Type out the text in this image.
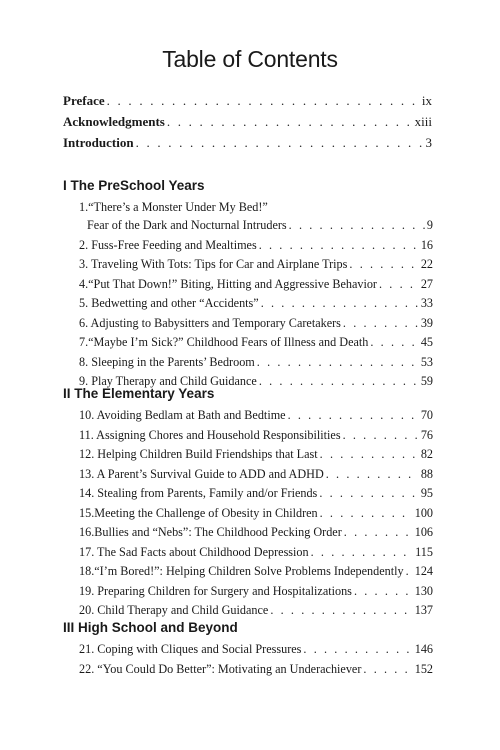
Table of Contents
Preface . . .	ix
Acknowledgments . . .	xiii
Introduction . . .	3
I The PreSchool Years
1.“There’s a Monster Under My Bed!”
Fear of the Dark and Nocturnal Intruders . . .	9
2. Fuss-Free Feeding and Mealtimes . . .	16
3. Traveling With Tots: Tips for Car and Airplane Trips . . .	22
4.“Put That Down!” Biting, Hitting and Aggressive Behavior . . .	27
5. Bedwetting and other “Accidents” . . .	33
6. Adjusting to Babysitters and Temporary Caretakers . . .	39
7.“Maybe I’m Sick?” Childhood Fears of Illness and Death . . .	45
8. Sleeping in the Parents’ Bedroom . . .	53
9. Play Therapy and Child Guidance . . .	59
II The Elementary Years
10. Avoiding Bedlam at Bath and Bedtime . . .	70
11. Assigning Chores and Household Responsibilities . . .	76
12. Helping Children Build Friendships that Last . . .	82
13. A Parent’s Survival Guide to ADD and ADHD . . .	88
14. Stealing from Parents, Family and/or Friends . . .	95
15.Meeting the Challenge of Obesity in Children . . .	100
16.Bullies and “Nebs”: The Childhood Pecking Order . . .	106
17. The Sad Facts about Childhood Depression . . .	115
18.“I’m Bored!”: Helping Children Solve Problems Independently . . . 124
19. Preparing Children for Surgery and Hospitalizations . . .	130
20. Child Therapy and Child Guidance . . .	137
III High School and Beyond
21. Coping with Cliques and Social Pressures . . .	146
22. “You Could Do Better”: Motivating an Underachiever . . .	152
